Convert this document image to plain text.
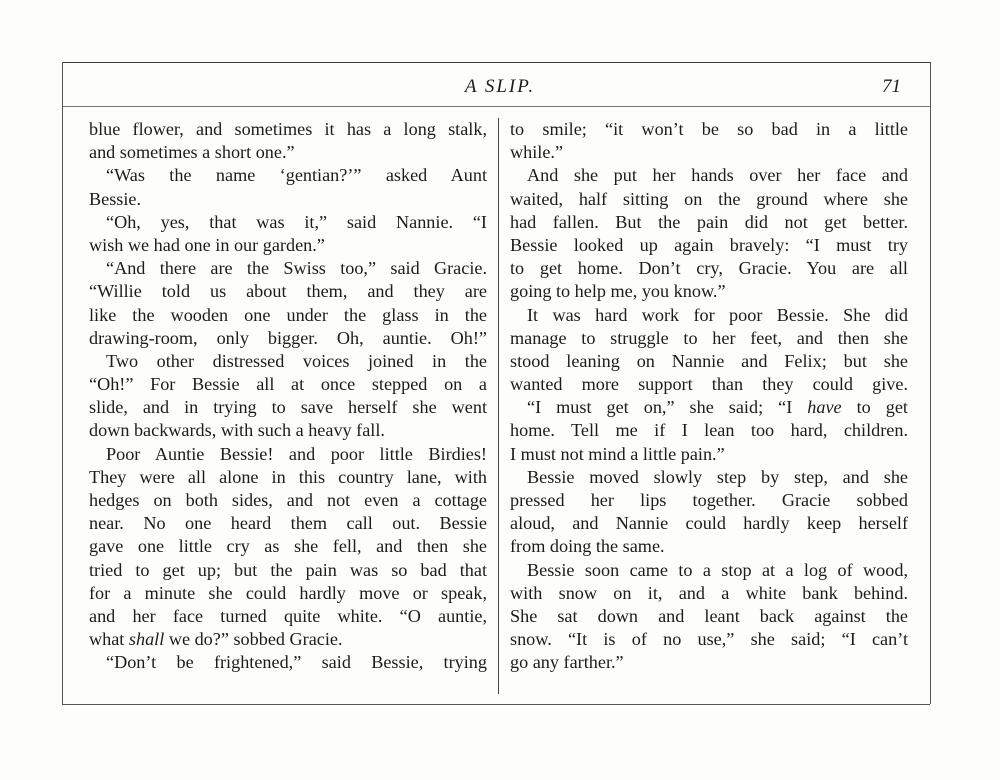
A SLIP.	71
blue flower, and sometimes it has a long stalk,
and sometimes a short one.”
“Was the name ‘gentian?’” asked Aunt
Bessie.
“Oh, yes, that was it,” said Nannie. “I
wish we had one in our garden.”
“And there are the Swiss too,” said Gracie.
“Willie told us about them, and they are
like the wooden one under the glass in the
drawing-room, only bigger. Oh, auntie. Oh!”
Two other distressed voices joined in the
“Oh!” For Bessie all at once stepped on a
slide, and in trying to save herself she went
down backwards, with such a heavy fall.
Poor Auntie Bessie! and poor little Birdies!
They were all alone in this country lane, with
hedges on both sides, and not even a cottage
near. No one heard them call out. Bessie
gave one little cry as she fell, and then she
tried to get up; but the pain was so bad that
for a minute she could hardly move or speak,
and her face turned quite white. “O auntie,
what shall we do?” sobbed Gracie.
“Don’t be frightened,” said Bessie, trying
to smile; “it won’t be so bad in a little
while.”
And she put her hands over her face and
waited, half sitting on the ground where she
had fallen. But the pain did not get better.
Bessie looked up again bravely: “I must try
to get home. Don’t cry, Gracie. You are all
going to help me, you know.”
It was hard work for poor Bessie. She did
manage to struggle to her feet, and then she
stood leaning on Nannie and Felix; but she
wanted more support than they could give.
“I must get on,” she said; “I have to get
home. Tell me if I lean too hard, children.
I must not mind a little pain.”
Bessie moved slowly step by step, and she
pressed her lips together. Gracie sobbed
aloud, and Nannie could hardly keep herself
from doing the same.
Bessie soon came to a stop at a log of wood,
with snow on it, and a white bank behind.
She sat down and leant back against the
snow. “It is of no use,” she said; “I can’t
go any farther.”
